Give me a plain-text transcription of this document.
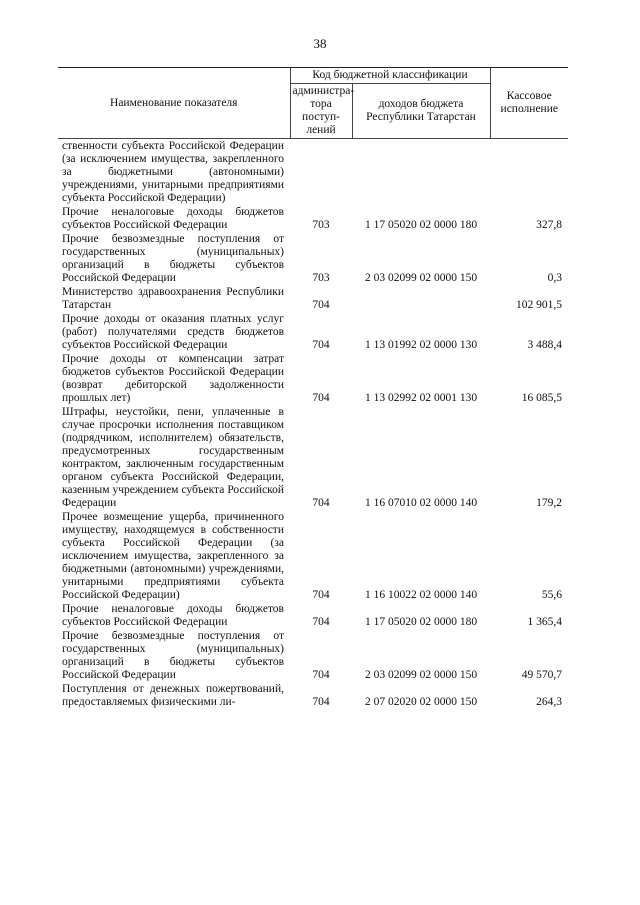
38
Наименование показателя	Код бюджетной классификации		Кассовое исполнение
	администра-тора поступ-лений	доходов бюджета Республики Татарстан	
ственности субъекта Российской Федерации (за исключением имущества, закрепленного за бюджетными (автономными) учреждениями, унитарными предприятиями субъекта Российской Федерации)			
Прочие неналоговые доходы бюджетов субъектов Российской Федерации	703	1 17 05020 02 0000 180	327,8
Прочие безвозмездные поступления от государственных (муниципальных) организаций в бюджеты субъектов Российской Федерации	703	2 03 02099 02 0000 150	0,3
Министерство здравоохранения Республики Татарстан	704		102 901,5
Прочие доходы от оказания платных услуг (работ) получателями средств бюджетов субъектов Российской Федерации	704	1 13 01992 02 0000 130	3 488,4
Прочие доходы от компенсации затрат бюджетов субъектов Российской Федерации (возврат дебиторской задолженности прошлых лет)	704	1 13 02992 02 0001 130	16 085,5
Штрафы, неустойки, пени, уплаченные в случае просрочки исполнения поставщиком (подрядчиком, исполнителем) обязательств, предусмотренных государственным контрактом, заключенным государственным органом субъекта Российской Федерации, казенным учреждением субъекта Российской Федерации	704	1 16 07010 02 0000 140	179,2
Прочее возмещение ущерба, причиненного имуществу, находящемуся в собственности субъекта Российской Федерации (за исключением имущества, закрепленного за бюджетными (автономными) учреждениями, унитарными предприятиями субъекта Российской Федерации)	704	1 16 10022 02 0000 140	55,6
Прочие неналоговые доходы бюджетов субъектов Российской Федерации	704	1 17 05020 02 0000 180	1 365,4
Прочие безвозмездные поступления от государственных (муниципальных) организаций в бюджеты субъектов Российской Федерации	704	2 03 02099 02 0000 150	49 570,7
Поступления от денежных пожертвований, предоставляемых физическими ли-	704	2 07 02020 02 0000 150	264,3
